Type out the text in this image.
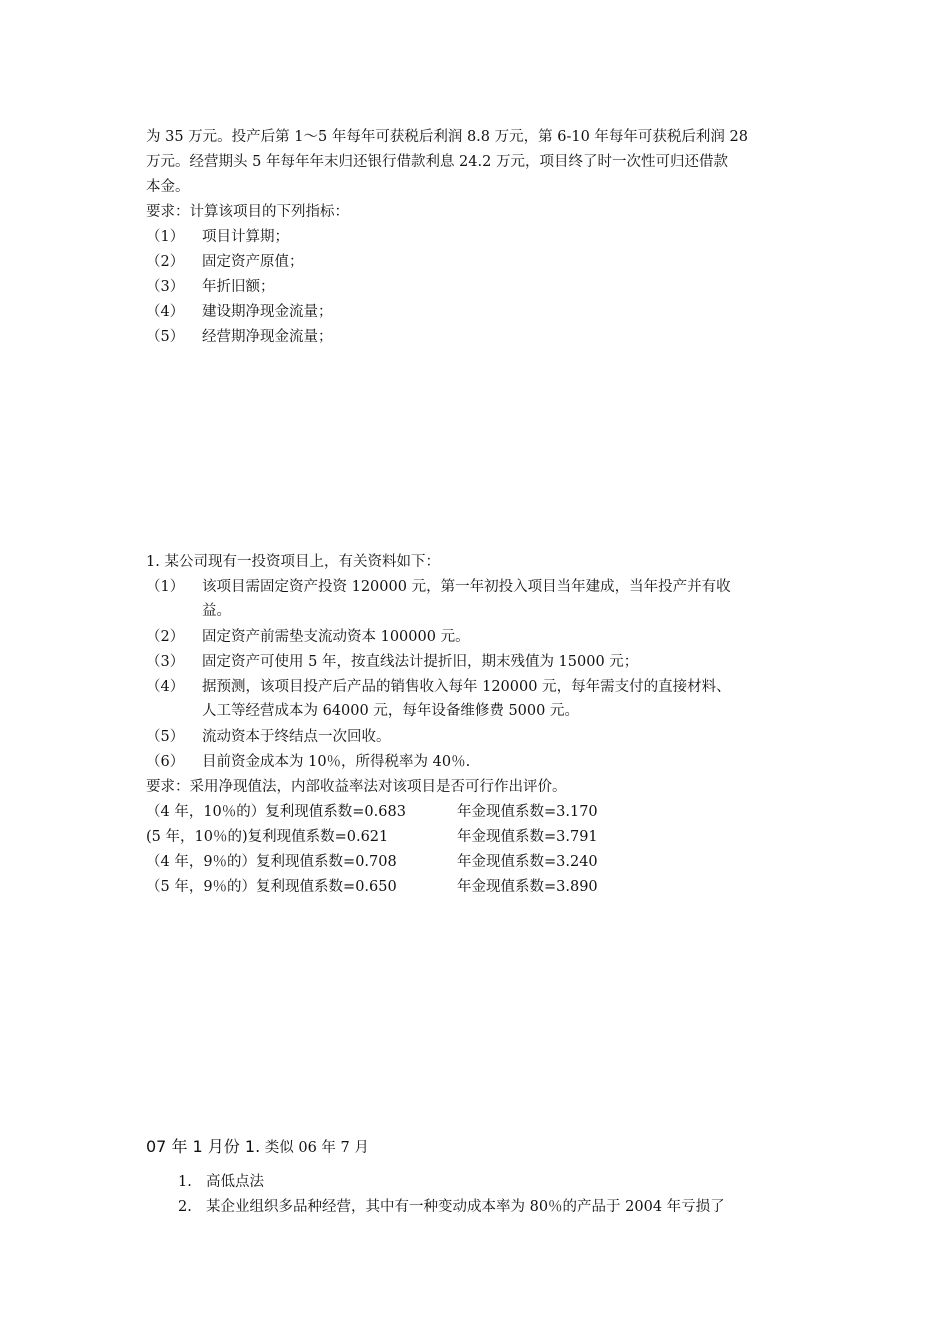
为 35 万元。投产后第 1～5 年每年可获税后利润 8.8 万元，第 6-10 年每年可获税后利润 28
万元。经营期头 5 年每年年末归还银行借款利息 24.2 万元，项目终了时一次性可归还借款
本金。
要求：计算该项目的下列指标：
（1） 项目计算期；
（2） 固定资产原值；
（3） 年折旧额；
（4） 建设期净现金流量；
（5） 经营期净现金流量；
1. 某公司现有一投资项目上，有关资料如下：
（1） 该项目需固定资产投资 120000 元，第一年初投入项目当年建成，当年投产并有收
益。
（2） 固定资产前需垫支流动资本 100000 元。
（3） 固定资产可使用 5 年，按直线法计提折旧，期末残值为 15000 元；
（4） 据预测，该项目投产后产品的销售收入每年 120000 元，每年需支付的直接材料、
人工等经营成本为 64000 元，每年设备维修费 5000 元。
（5） 流动资本于终结点一次回收。
（6） 目前资金成本为 10％，所得税率为 40％.
要求：采用净现值法，内部收益率法对该项目是否可行作出评价。
（4 年，10％的）复利现值系数=0.683	年金现值系数=3.170
(5 年，10％的)复利现值系数=0.621	年金现值系数=3.791
（4 年，9％的）复利现值系数=0.708	年金现值系数=3.240
（5 年，9％的）复利现值系数=0.650	年金现值系数=3.890
07 年 1 月份 1. 类似 06 年 7 月
1. 高低点法
2. 某企业组织多品种经营，其中有一种变动成本率为 80％的产品于 2004 年亏损了
